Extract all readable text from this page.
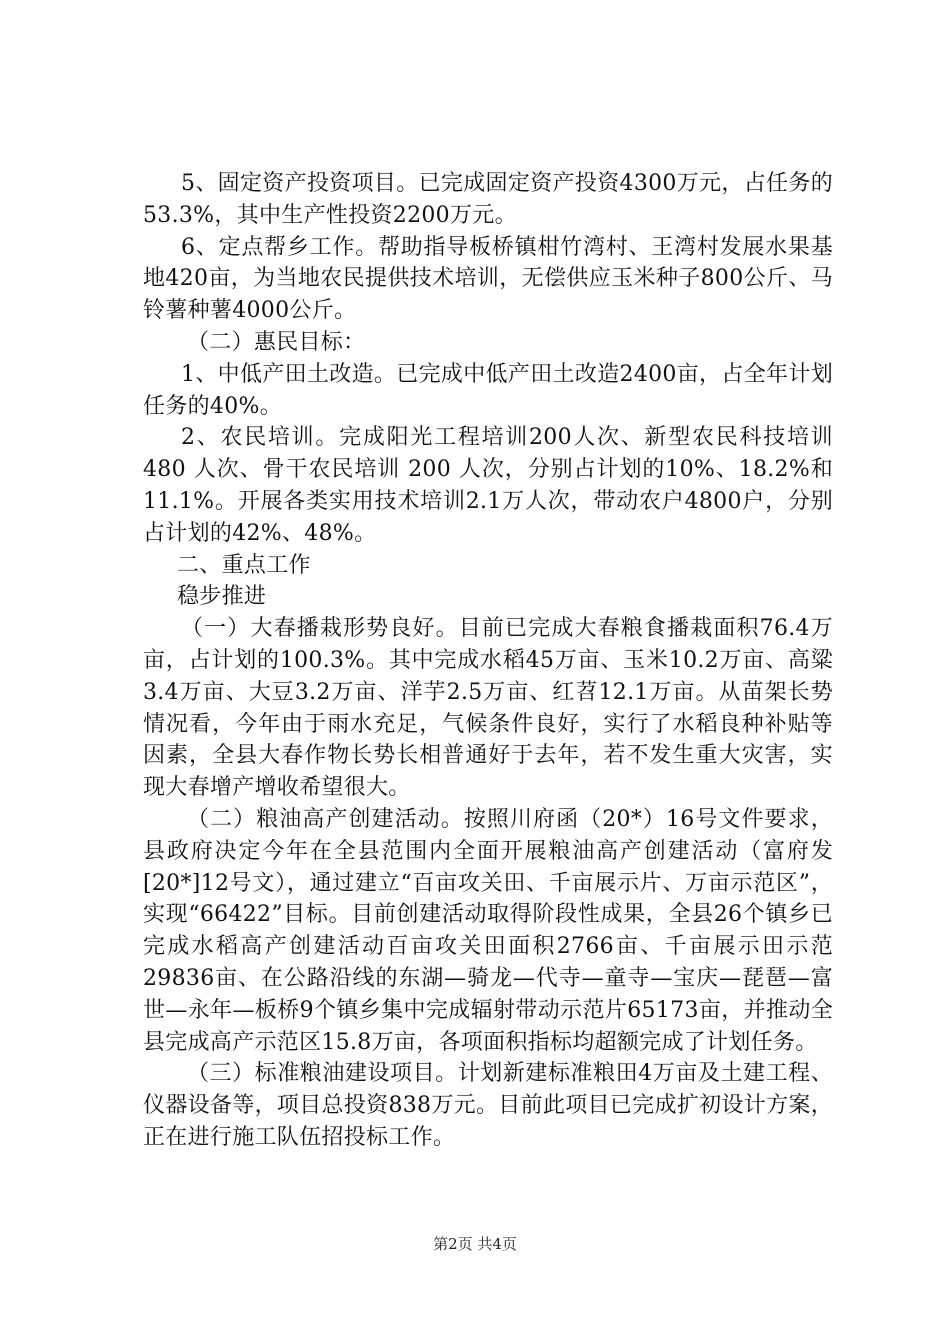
5、固定资产投资项目。已完成固定资产投资4300万元，占任务的53.3%，其中生产性投资2200万元。

6、定点帮乡工作。帮助指导板桥镇柑竹湾村、王湾村发展水果基地420亩，为当地农民提供技术培训，无偿供应玉米种子800公斤、马铃薯种薯4000公斤。

（二）惠民目标：

1、中低产田土改造。已完成中低产田土改造2400亩，占全年计划任务的40%。

2、农民培训。完成阳光工程培训200人次、新型农民科技培训 480 人次、骨干农民培训 200 人次，分别占计划的10%、18.2%和11.1%。开展各类实用技术培训2.1万人次，带动农户4800户，分别占计划的42%、48%。

二、重点工作

稳步推进

（一）大春播栽形势良好。目前已完成大春粮食播栽面积76.4万亩，占计划的100.3%。其中完成水稻45万亩、玉米10.2万亩、高粱3.4万亩、大豆3.2万亩、洋芋2.5万亩、红苕12.1万亩。从苗架长势情况看，今年由于雨水充足，气候条件良好，实行了水稻良种补贴等因素，全县大春作物长势长相普通好于去年，若不发生重大灾害，实现大春增产增收希望很大。

（二）粮油高产创建活动。按照川府函（20*）16号文件要求，县政府决定今年在全县范围内全面开展粮油高产创建活动（富府发[20*]12号文），通过建立“百亩攻关田、千亩展示片、万亩示范区”，实现“66422”目标。目前创建活动取得阶段性成果，全县26个镇乡已完成水稻高产创建活动百亩攻关田面积2766亩、千亩展示田示范29836亩、在公路沿线的东湖—骑龙—代寺—童寺—宝庆—琵琶—富世—永年—板桥9个镇乡集中完成辐射带动示范片65173亩，并推动全县完成高产示范区15.8万亩，各项面积指标均超额完成了计划任务。

（三）标准粮油建设项目。计划新建标准粮田4万亩及土建工程、仪器设备等，项目总投资838万元。目前此项目已完成扩初设计方案，正在进行施工队伍招投标工作。

第2页 共4页
